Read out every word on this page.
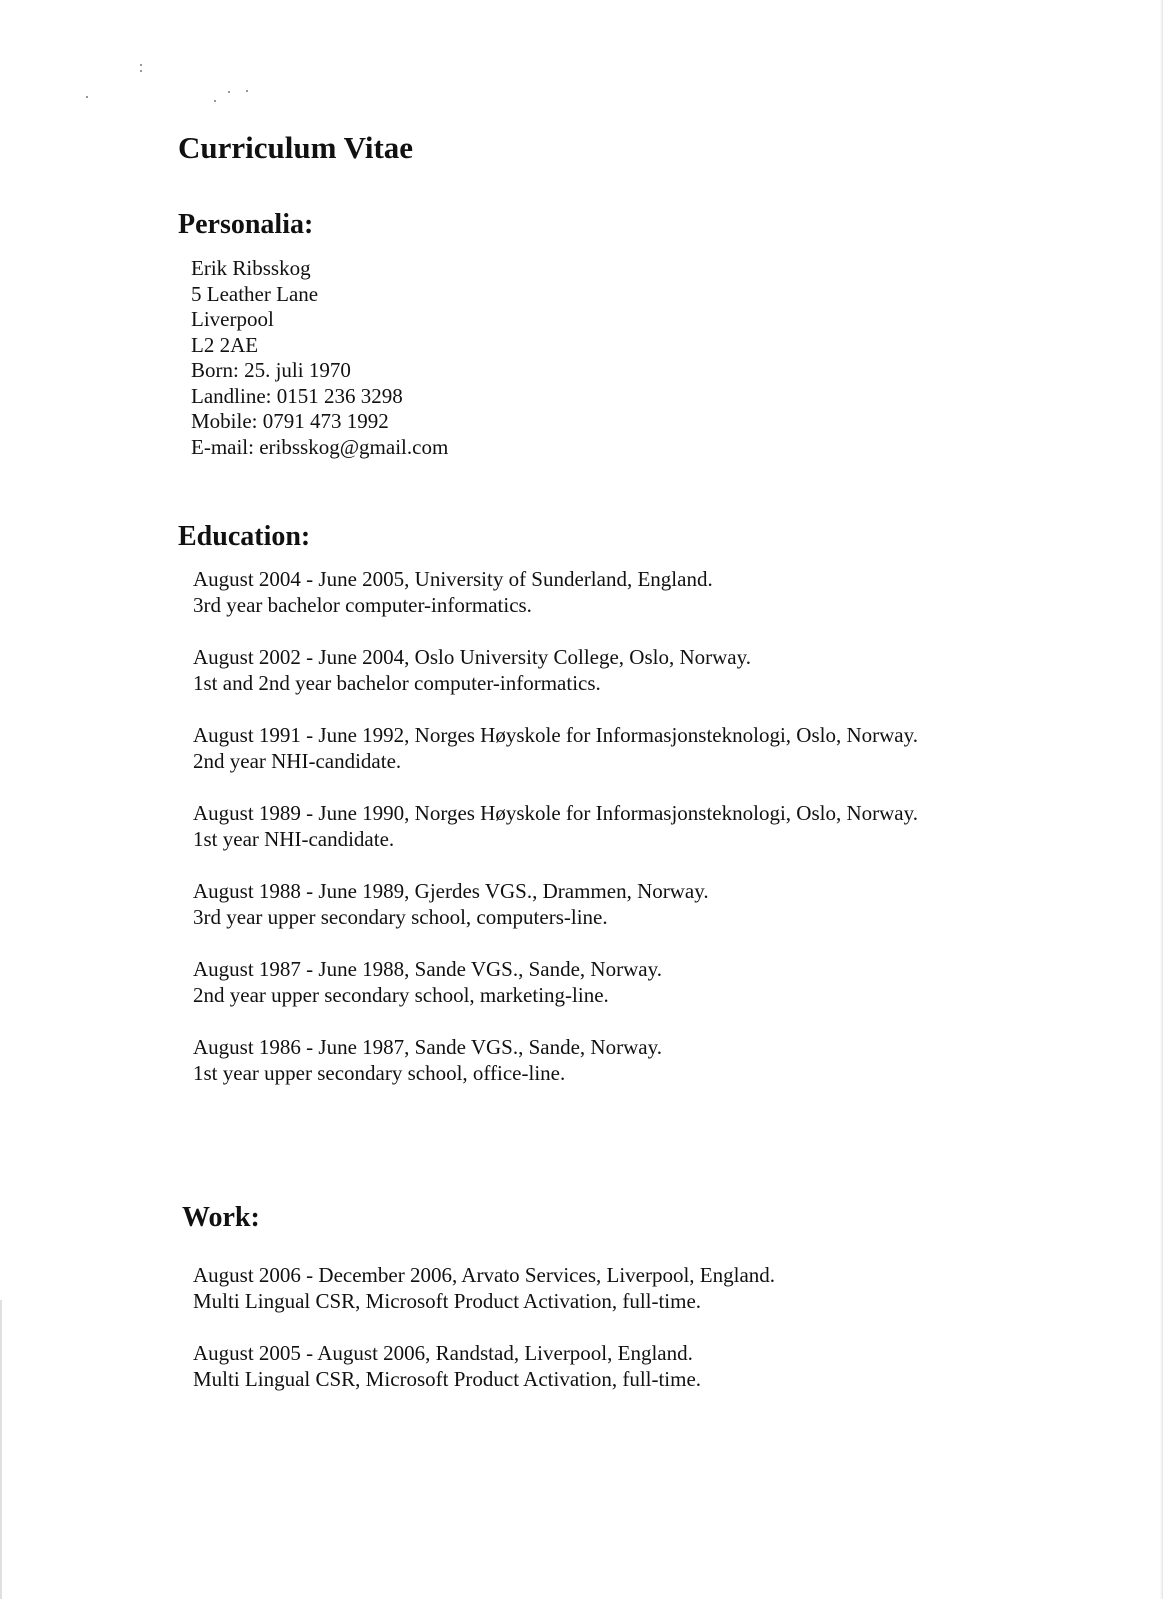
Curriculum Vitae
Personalia:
Erik Ribsskog
5 Leather Lane
Liverpool
L2 2AE
Born: 25. juli 1970
Landline: 0151 236 3298
Mobile: 0791 473 1992
E-mail: eribsskog@gmail.com
Education:
August 2004 - June 2005, University of Sunderland, England.
3rd year bachelor computer-informatics.
August 2002 - June 2004, Oslo University College, Oslo, Norway.
1st and 2nd year bachelor computer-informatics.
August 1991 - June 1992, Norges Høyskole for Informasjonsteknologi, Oslo, Norway.
2nd year NHI-candidate.
August 1989 - June 1990, Norges Høyskole for Informasjonsteknologi, Oslo, Norway.
1st year NHI-candidate.
August 1988 - June 1989, Gjerdes VGS., Drammen, Norway.
3rd year upper secondary school, computers-line.
August 1987 - June 1988, Sande VGS., Sande, Norway.
2nd year upper secondary school, marketing-line.
August 1986 - June 1987, Sande VGS., Sande, Norway.
1st year upper secondary school, office-line.
Work:
August 2006 - December 2006, Arvato Services, Liverpool, England.
Multi Lingual CSR, Microsoft Product Activation, full-time.
August 2005 - August 2006, Randstad, Liverpool, England.
Multi Lingual CSR, Microsoft Product Activation, full-time.
